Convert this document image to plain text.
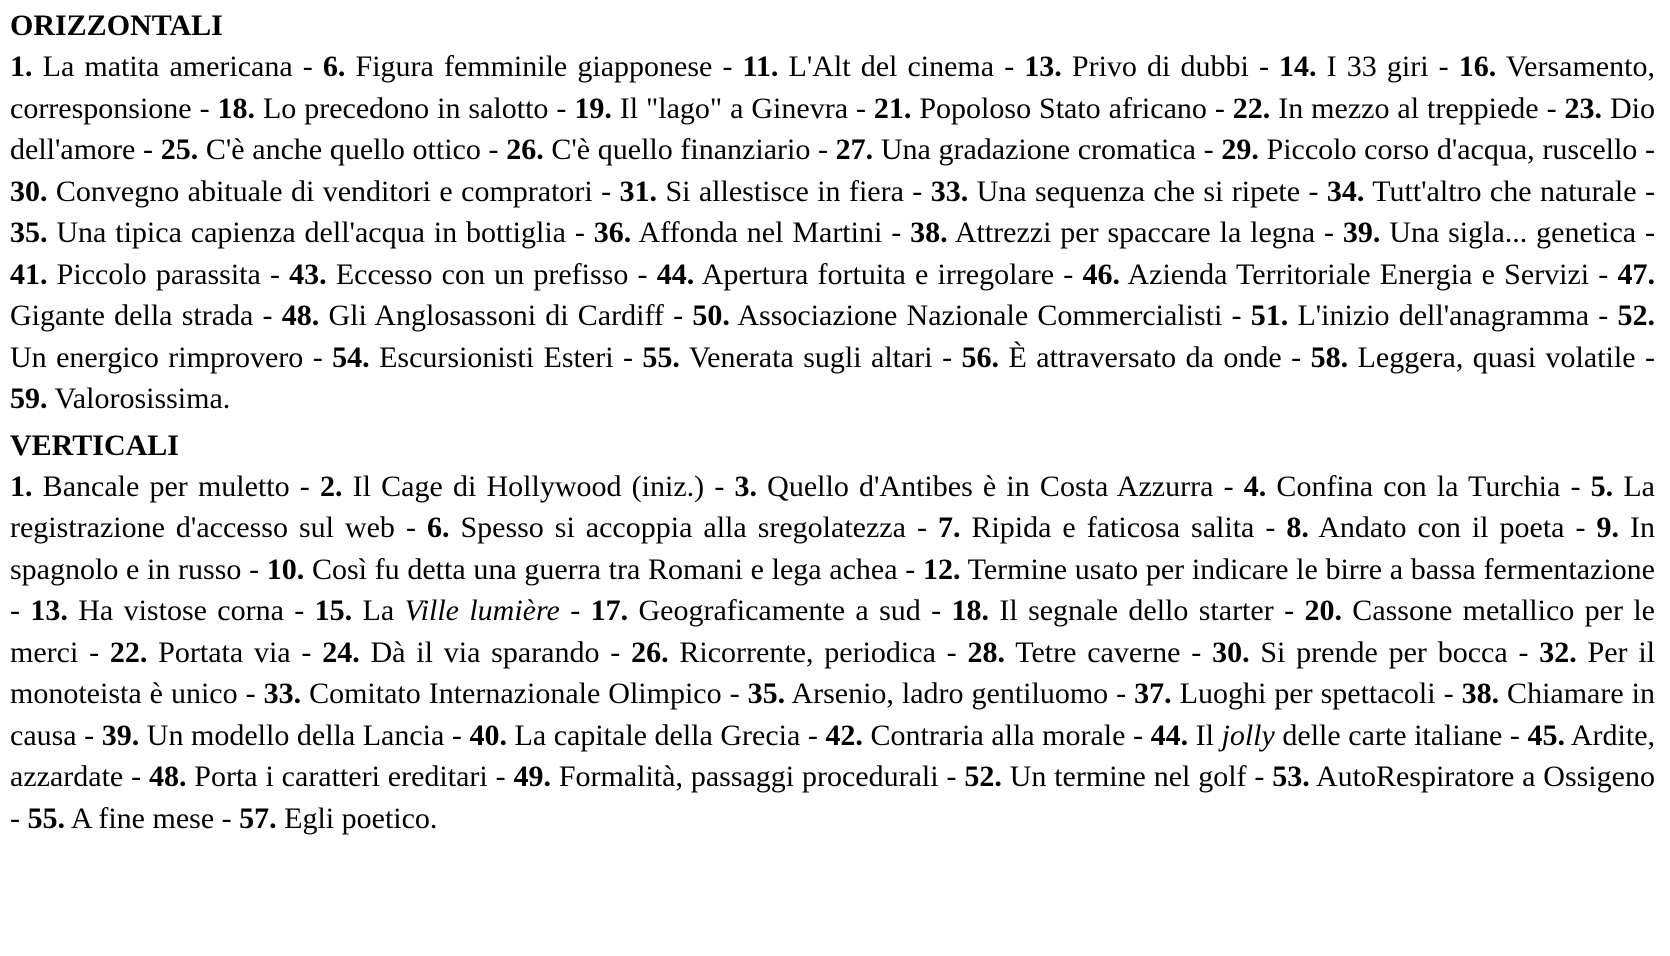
ORIZZONTALI

1. La matita americana - 6. Figura femminile giapponese - 11. L'Alt del cinema - 13. Privo di dubbi - 14. I 33 giri - 16. Versamento, corresponsione - 18. Lo precedono in salotto - 19. Il "lago" a Ginevra - 21. Popoloso Stato africano - 22. In mezzo al treppiede - 23. Dio dell'amore - 25. C'è anche quello ottico - 26. C'è quello finanziario - 27. Una gradazione cromatica - 29. Piccolo corso d'acqua, ruscello - 30. Convegno abituale di venditori e compratori - 31. Si allestisce in fiera - 33. Una sequenza che si ripete - 34. Tutt'altro che naturale - 35. Una tipica capienza dell'acqua in bottiglia - 36. Affonda nel Martini - 38. Attrezzi per spaccare la legna - 39. Una sigla... genetica - 41. Piccolo parassita - 43. Eccesso con un prefisso - 44. Apertura fortuita e irregolare - 46. Azienda Territoriale Energia e Servizi - 47. Gigante della strada - 48. Gli Anglosassoni di Cardiff - 50. Associazione Nazionale Commercialisti - 51. L'inizio dell'anagramma - 52. Un energico rimprovero - 54. Escursionisti Esteri - 55. Venerata sugli altari - 56. È attraversato da onde - 58. Leggera, quasi volatile - 59. Valorosissima.

VERTICALI

1. Bancale per muletto - 2. Il Cage di Hollywood (iniz.) - 3. Quello d'Antibes è in Costa Azzurra - 4. Confina con la Turchia - 5. La registrazione d'accesso sul web - 6. Spesso si accoppia alla sregolatezza - 7. Ripida e faticosa salita - 8. Andato con il poeta - 9. In spagnolo e in russo - 10. Così fu detta una guerra tra Romani e lega achea - 12. Termine usato per indicare le birre a bassa fermentazione - 13. Ha vistose corna - 15. La Ville lumière - 17. Geograficamente a sud - 18. Il segnale dello starter - 20. Cassone metallico per le merci - 22. Portata via - 24. Dà il via sparando - 26. Ricorrente, periodica - 28. Tetre caverne - 30. Si prende per bocca - 32. Per il monoteista è unico - 33. Comitato Internazionale Olimpico - 35. Arsenio, ladro gentiluomo - 37. Luoghi per spettacoli - 38. Chiamare in causa - 39. Un modello della Lancia - 40. La capitale della Grecia - 42. Contraria alla morale - 44. Il jolly delle carte italiane - 45. Ardite, azzardate - 48. Porta i caratteri ereditari - 49. Formalità, passaggi procedurali - 52. Un termine nel golf - 53. AutoRespiratore a Ossigeno - 55. A fine mese - 57. Egli poetico.
